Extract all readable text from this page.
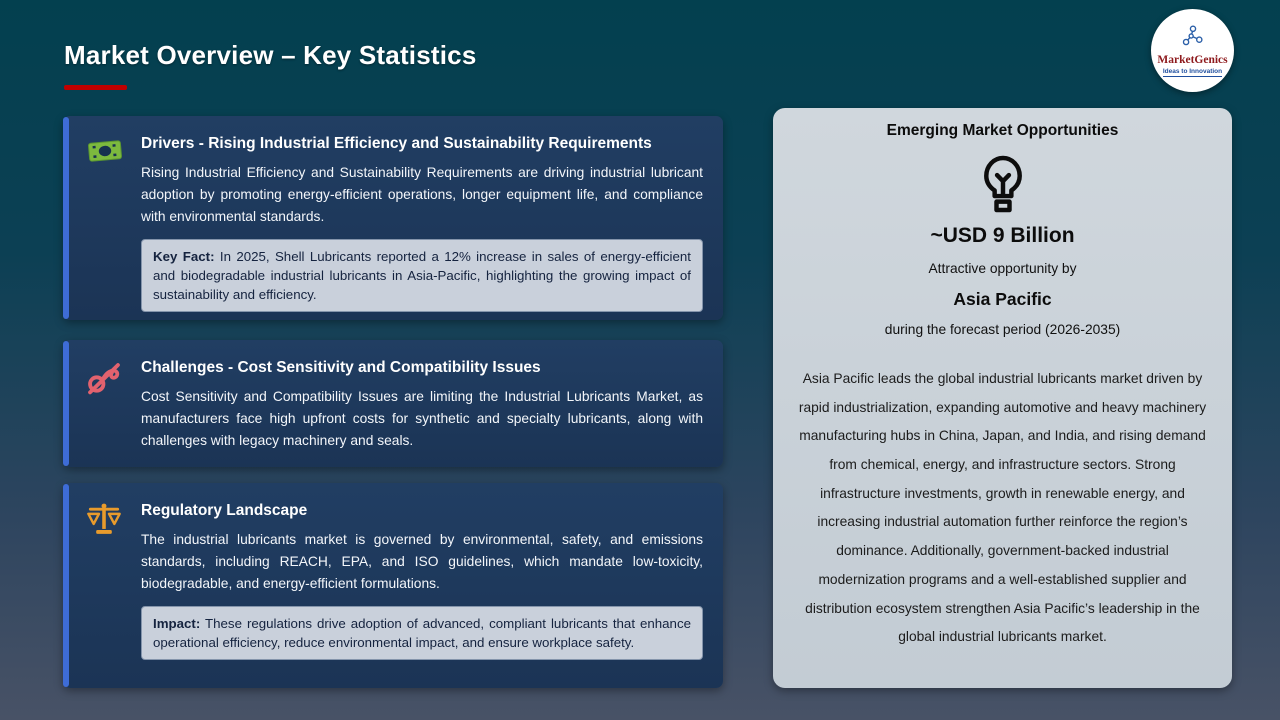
Market Overview – Key Statistics	MarketGenics
Ideas to Innovation
Drivers - Rising Industrial Efficiency and Sustainability Requirements
Rising Industrial Efficiency and Sustainability Requirements are driving industrial lubricant adoption by promoting energy-efficient operations, longer equipment life, and compliance with environmental standards.
Key Fact: In 2025, Shell Lubricants reported a 12% increase in sales of energy-efficient and biodegradable industrial lubricants in Asia-Pacific, highlighting the growing impact of sustainability and efficiency.
Challenges - Cost Sensitivity and Compatibility Issues
Cost Sensitivity and Compatibility Issues are limiting the Industrial Lubricants Market, as manufacturers face high upfront costs for synthetic and specialty lubricants, along with challenges with legacy machinery and seals.
Regulatory Landscape
The industrial lubricants market is governed by environmental, safety, and emissions standards, including REACH, EPA, and ISO guidelines, which mandate low-toxicity, biodegradable, and energy-efficient formulations.
Impact: These regulations drive adoption of advanced, compliant lubricants that enhance operational efficiency, reduce environmental impact, and ensure workplace safety.
Emerging Market Opportunities
~USD 9 Billion
Attractive opportunity by
Asia Pacific
during the forecast period (2026-2035)
Asia Pacific leads the global industrial lubricants market driven by rapid industrialization, expanding automotive and heavy machinery manufacturing hubs in China, Japan, and India, and rising demand from chemical, energy, and infrastructure sectors. Strong infrastructure investments, growth in renewable energy, and increasing industrial automation further reinforce the region’s dominance. Additionally, government-backed industrial modernization programs and a well-established supplier and distribution ecosystem strengthen Asia Pacific’s leadership in the global industrial lubricants market.
